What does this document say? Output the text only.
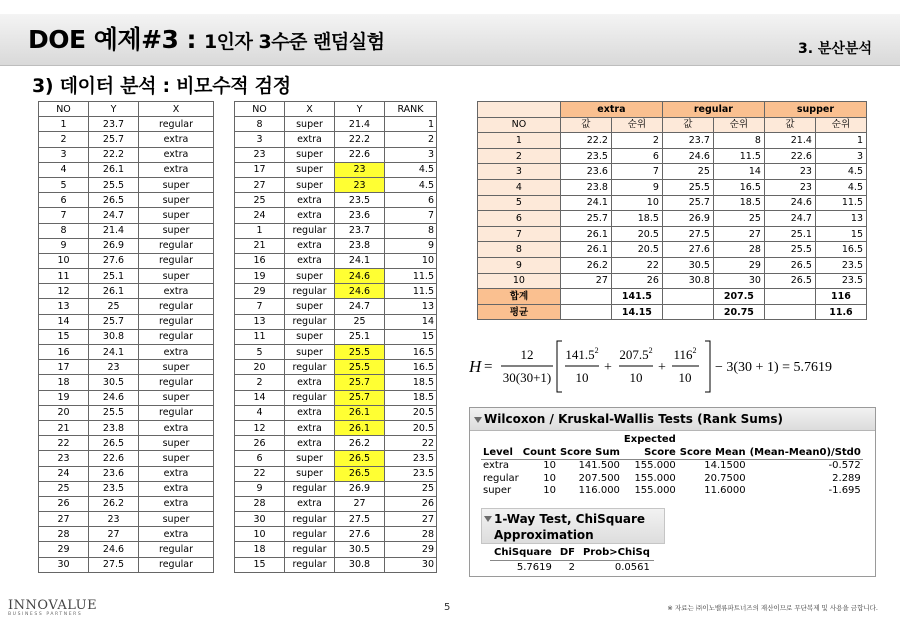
DOE 예제#3 : 1인자 3수준 랜덤실험	3. 분산분석
3) 데이터 분석 : 비모수적 검정
NO	Y	X
1	23.7	regular
2	25.7	extra
3	22.2	extra
4	26.1	extra
5	25.5	super
6	26.5	super
7	24.7	super
8	21.4	super
9	26.9	regular
10	27.6	regular
11	25.1	super
12	26.1	extra
13	25	regular
14	25.7	regular
15	30.8	regular
16	24.1	extra
17	23	super
18	30.5	regular
19	24.6	super
20	25.5	regular
21	23.8	extra
22	26.5	super
23	22.6	super
24	23.6	extra
25	23.5	extra
26	26.2	extra
27	23	super
28	27	extra
29	24.6	regular
30	27.5	regular
NO	X	Y	RANK
8	super	21.4	1
3	extra	22.2	2
23	super	22.6	3
17	super	23	4.5
27	super	23	4.5
25	extra	23.5	6
24	extra	23.6	7
1	regular	23.7	8
21	extra	23.8	9
16	extra	24.1	10
19	super	24.6	11.5
29	regular	24.6	11.5
7	super	24.7	13
13	regular	25	14
11	super	25.1	15
5	super	25.5	16.5
20	regular	25.5	16.5
2	extra	25.7	18.5
14	regular	25.7	18.5
4	extra	26.1	20.5
12	extra	26.1	20.5
26	extra	26.2	22
6	super	26.5	23.5
22	super	26.5	23.5
9	regular	26.9	25
28	extra	27	26
30	regular	27.5	27
10	regular	27.6	28
18	regular	30.5	29
15	regular	30.8	30
	extra		regular		supper	
NO	값	순위	값	순위	값	순위
1	22.2	2	23.7	8	21.4	1
2	23.5	6	24.6	11.5	22.6	3
3	23.6	7	25	14	23	4.5
4	23.8	9	25.5	16.5	23	4.5
5	24.1	10	25.7	18.5	24.6	11.5
6	25.7	18.5	26.9	25	24.7	13
7	26.1	20.5	27.5	27	25.1	15
8	26.1	20.5	27.6	28	25.5	16.5
9	26.2	22	30.5	29	26.5	23.5
10	27	26	30.8	30	26.5	23.5
합계		141.5		207.5		116
평균		14.15		20.75		11.6
H =
12
30(30+1)
141.5$^2$
10
+
$207.5^2$
10
+
$116^2$
10
− 3(30 + 1) = 5.7619
Wilcoxon / Kruskal-Wallis Tests (Rank Sums)
			Expected		
Level	Count	Score Sum	Score	Score Mean	(Mean-Mean0)/Std0
extra	10	141.500	155.000	14.1500	-0.572
regular	10	207.500	155.000	20.7500	2.289
super	10	116.000	155.000	11.6000	-1.695
1-Way Test, ChiSquare
Approximation
ChiSquare	DF	Prob>ChiSq
5.7619	2	0.0561
INNOVALUE
BUSINESS PARTNERS
5	※ 자료는 ㈜이노밸류파트너즈의 재산이므로 무단복제 및 사용을 금합니다.
